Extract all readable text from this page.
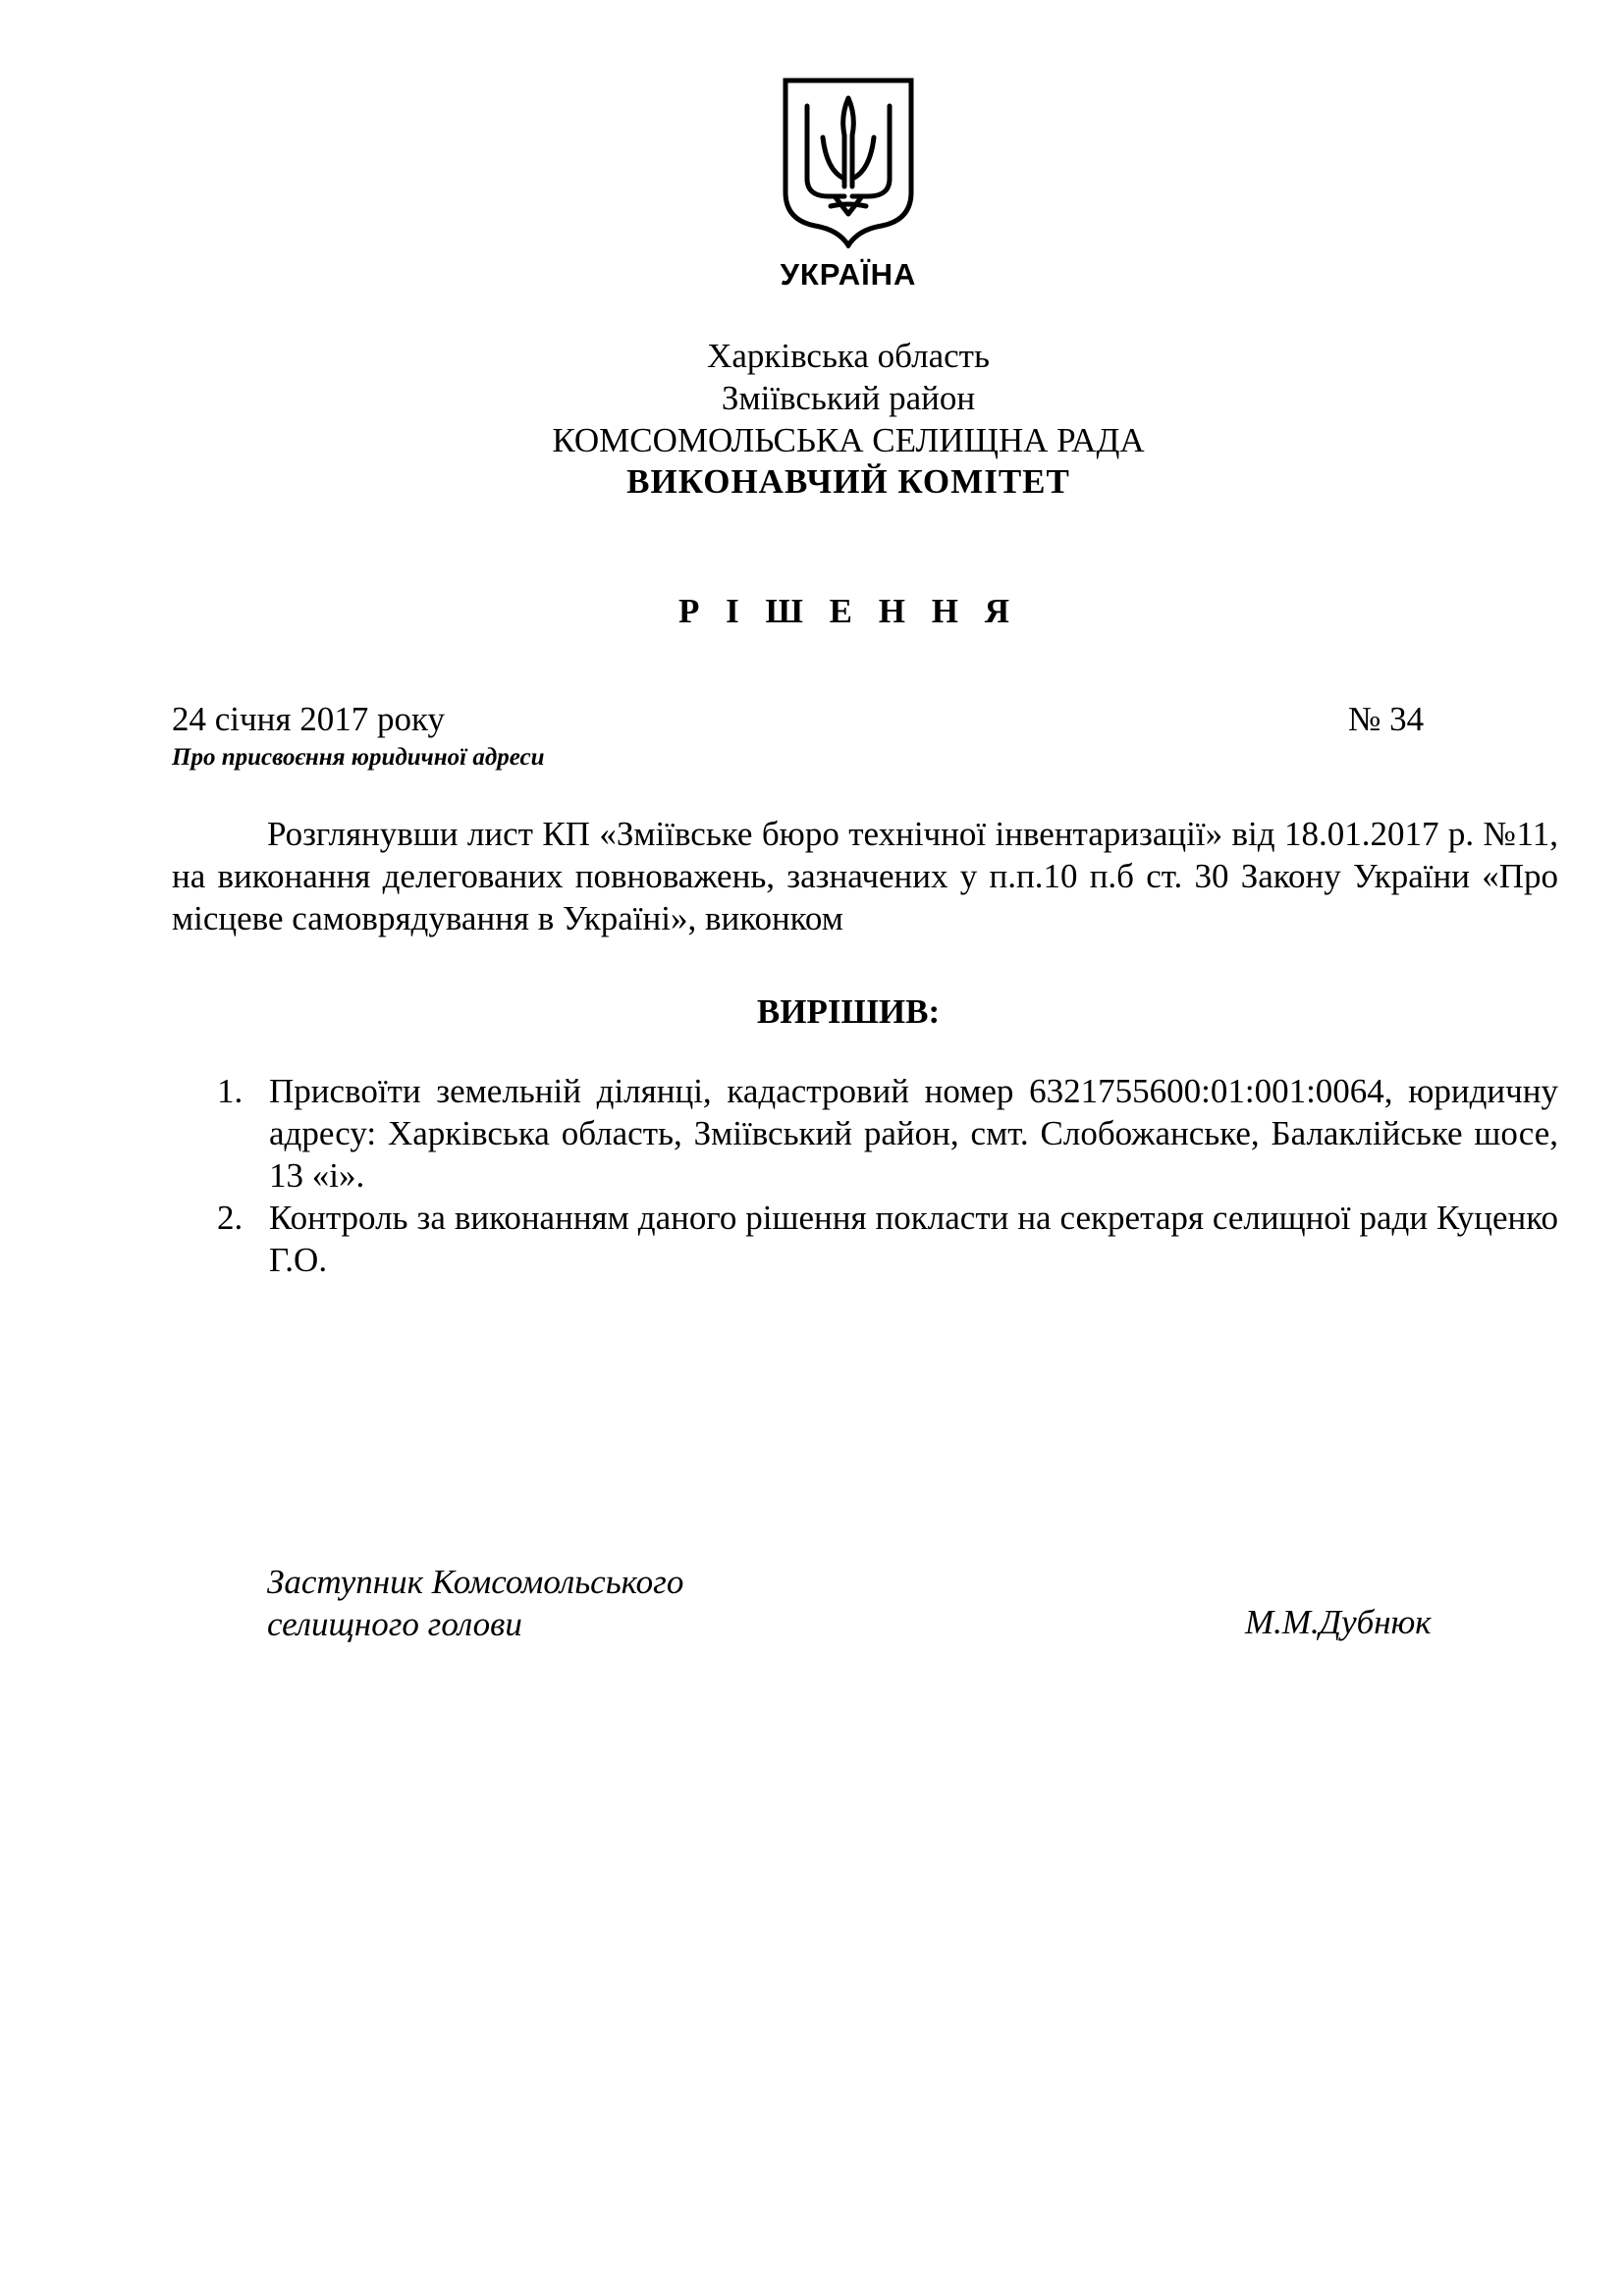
УКРАЇНА
Харківська область
Зміївський район
КОМСОМОЛЬСЬКА СЕЛИЩНА РАДА
ВИКОНАВЧИЙ КОМІТЕТ
Р І Ш Е Н Н Я
24 січня 2017 року	№ 34
Про присвоєння юридичної адреси

Розглянувши лист КП «Зміївське бюро технічної інвентаризації» від 18.01.2017 р. №11, на виконання делегованих повноважень, зазначених у п.п.10 п.б ст. 30 Закону України «Про місцеве самоврядування в Україні», виконком

ВИРІШИВ:
1. Присвоїти земельній ділянці, кадастровий номер 6321755600:01:001:0064, юридичну адресу: Харківська область, Зміївський район, смт. Слобожанське, Балаклійське шосе, 13 «і».
2. Контроль за виконанням даного рішення покласти на секретаря селищної ради Куценко Г.О.
Заступник Комсомольського
селищного голови	М.М.Дубнюк
